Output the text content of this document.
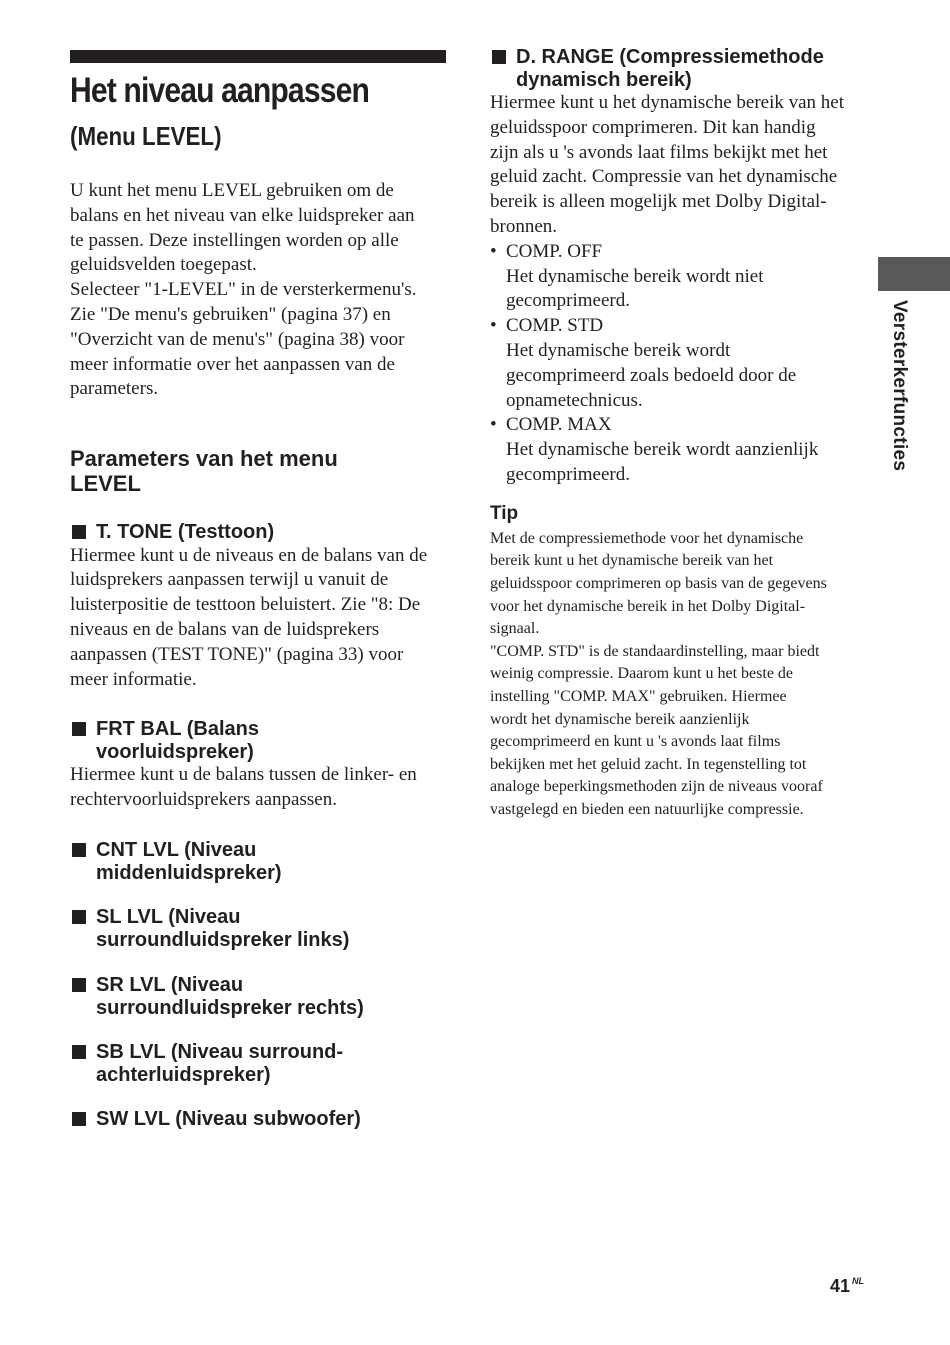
Het niveau aanpassen
(Menu LEVEL)
U kunt het menu LEVEL gebruiken om de
balans en het niveau van elke luidspreker aan
te passen. Deze instellingen worden op alle
geluidsvelden toegepast.
Selecteer "1-LEVEL" in de versterkermenu's.
Zie "De menu's gebruiken" (pagina 37) en
"Overzicht van de menu's" (pagina 38) voor
meer informatie over het aanpassen van de
parameters.
Parameters van het menu
LEVEL
T. TONE (Testtoon)
Hiermee kunt u de niveaus en de balans van de
luidsprekers aanpassen terwijl u vanuit de
luisterpositie de testtoon beluistert. Zie "8: De
niveaus en de balans van de luidsprekers
aanpassen (TEST TONE)" (pagina 33) voor
meer informatie.
FRT BAL (Balans
voorluidspreker)
Hiermee kunt u de balans tussen de linker- en
rechtervoorluidsprekers aanpassen.
CNT LVL (Niveau
middenluidspreker)
SL LVL (Niveau
surroundluidspreker links)
SR LVL (Niveau
surroundluidspreker rechts)
SB LVL (Niveau surround-
achterluidspreker)
SW LVL (Niveau subwoofer)
D. RANGE (Compressiemethode
dynamisch bereik)
Hiermee kunt u het dynamische bereik van het
geluidsspoor comprimeren. Dit kan handig
zijn als u 's avonds laat films bekijkt met het
geluid zacht. Compressie van het dynamische
bereik is alleen mogelijk met Dolby Digital-
bronnen.
• COMP. OFF
Het dynamische bereik wordt niet
gecomprimeerd.
• COMP. STD
Het dynamische bereik wordt
gecomprimeerd zoals bedoeld door de
opnametechnicus.
• COMP. MAX
Het dynamische bereik wordt aanzienlijk
gecomprimeerd.
Tip
Met de compressiemethode voor het dynamische
bereik kunt u het dynamische bereik van het
geluidsspoor comprimeren op basis van de gegevens
voor het dynamische bereik in het Dolby Digital-
signaal.
"COMP. STD" is de standaardinstelling, maar biedt
weinig compressie. Daarom kunt u het beste de
instelling "COMP. MAX" gebruiken. Hiermee
wordt het dynamische bereik aanzienlijk
gecomprimeerd en kunt u 's avonds laat films
bekijken met het geluid zacht. In tegenstelling tot
analoge beperkingsmethoden zijn de niveaus vooraf
vastgelegd en bieden een natuurlijke compressie.
Versterkerfuncties
41 $^{NL}$
